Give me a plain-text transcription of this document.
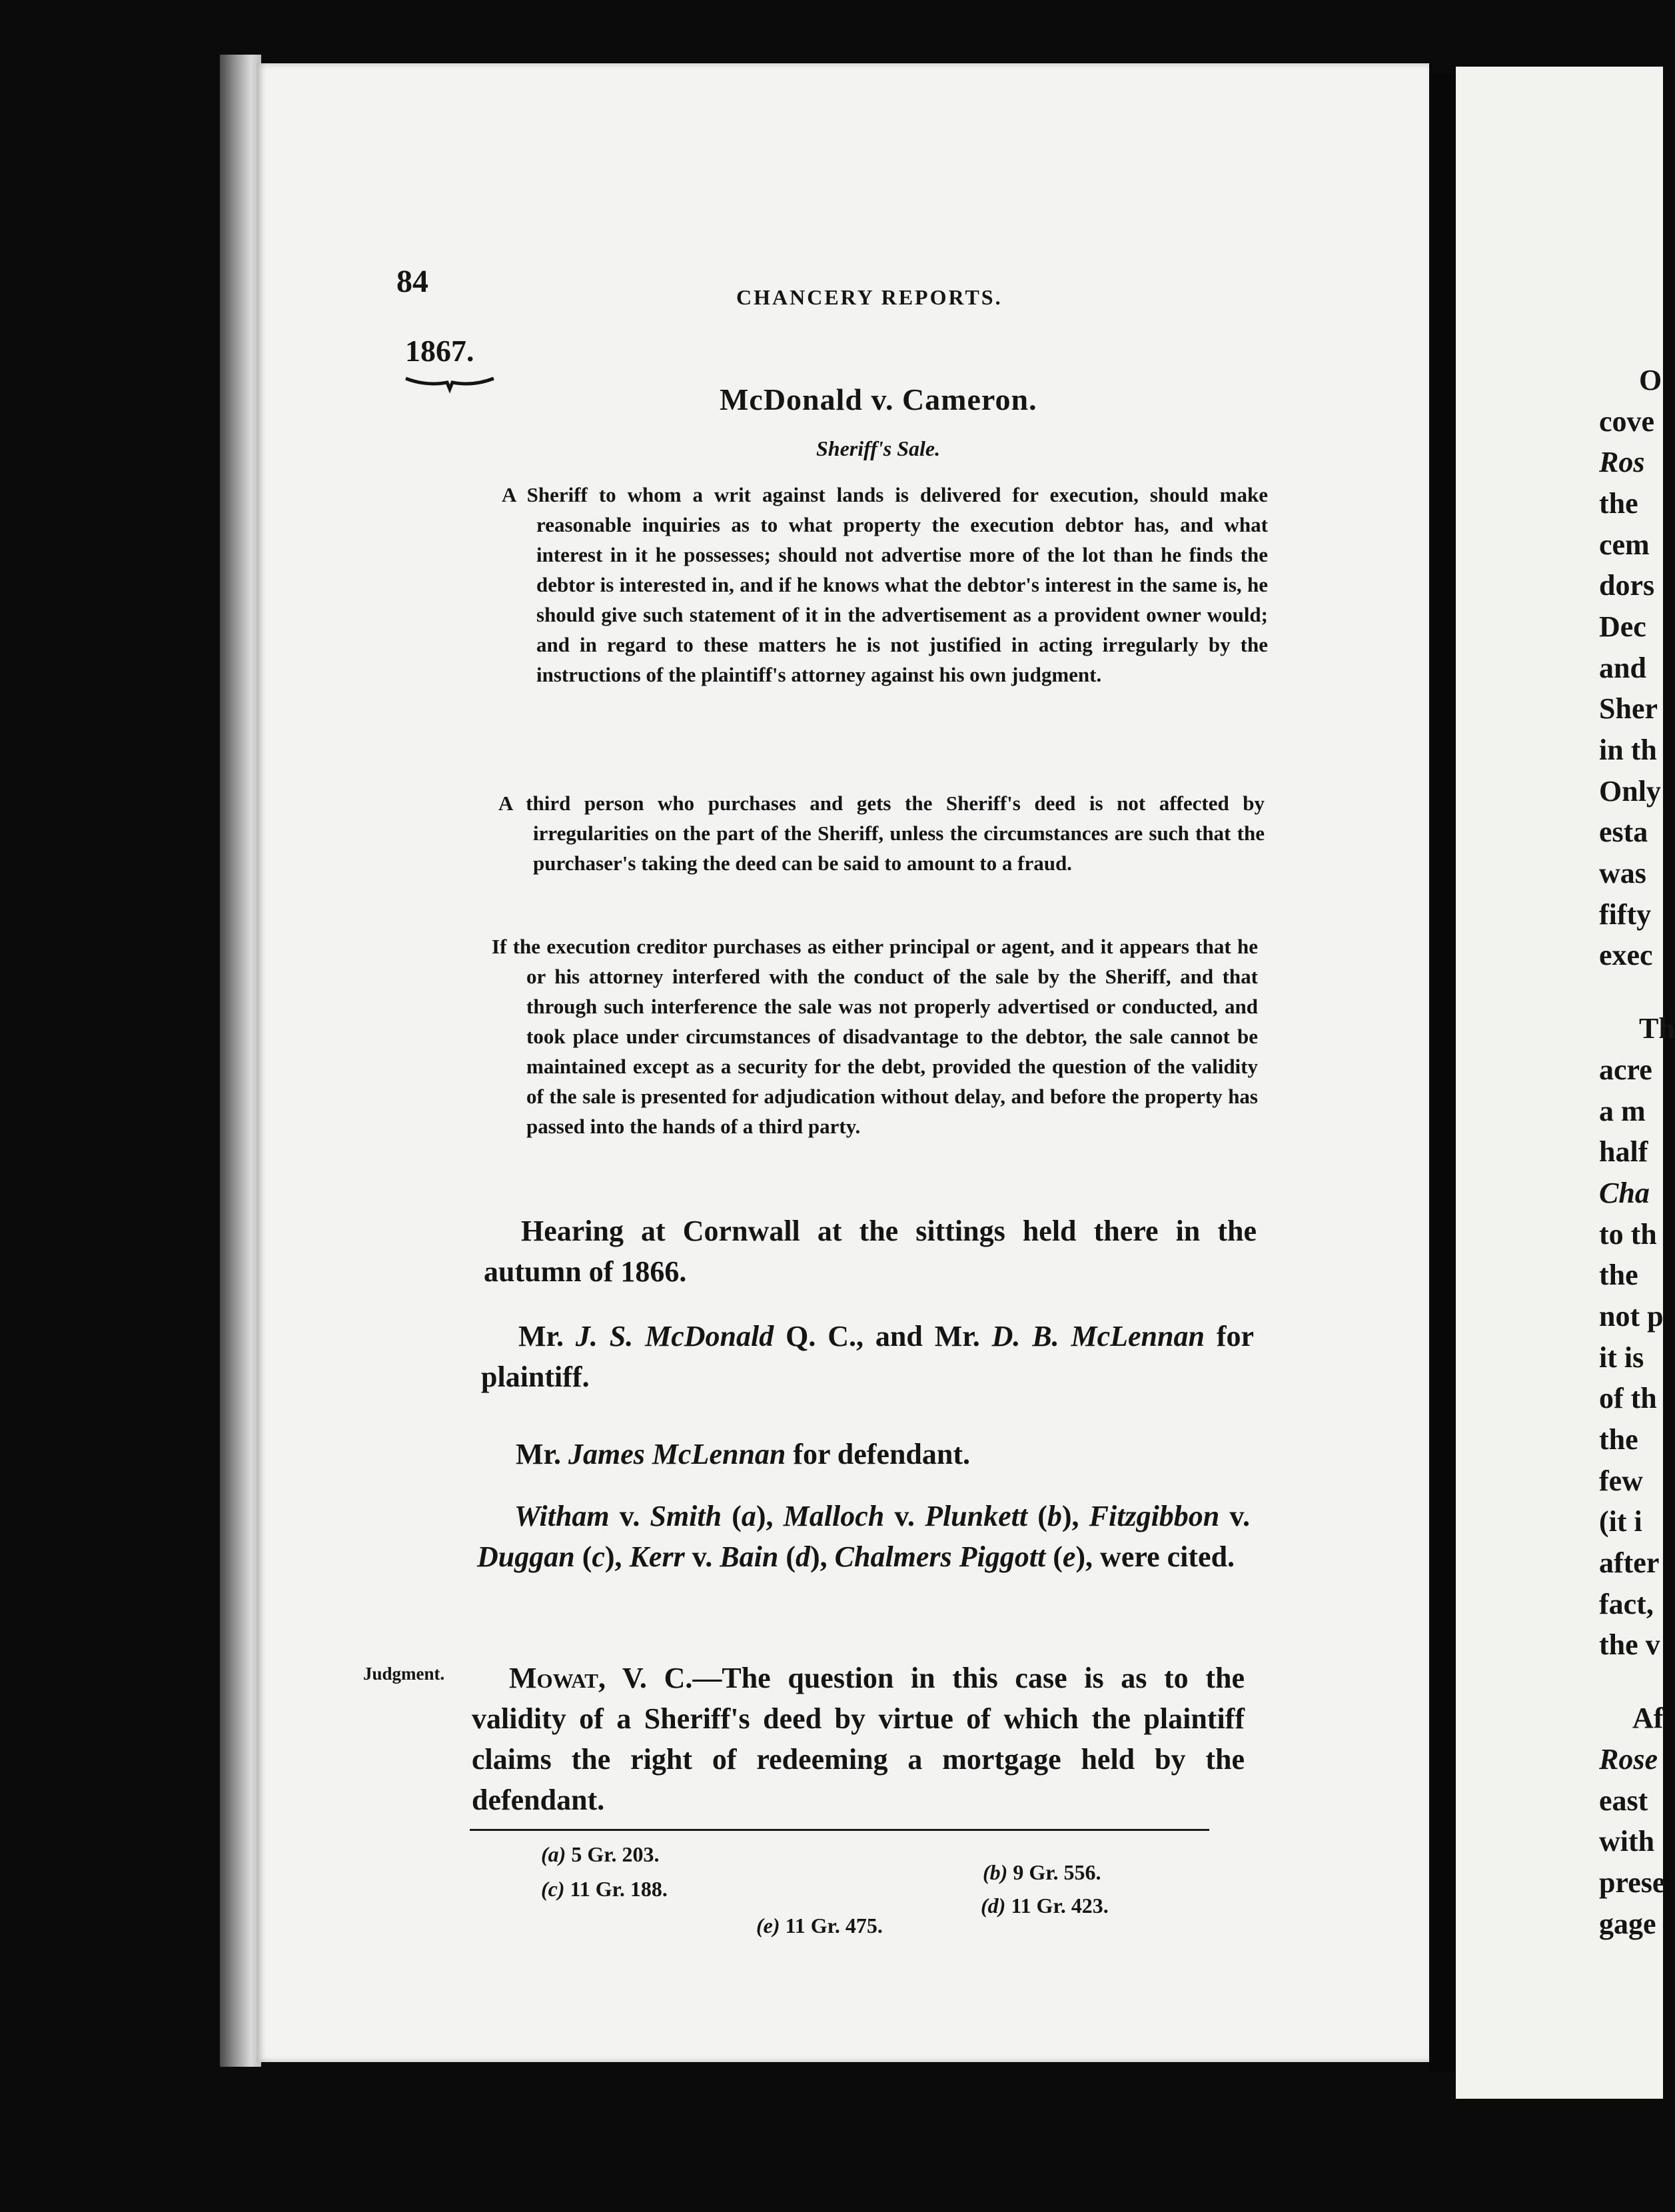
84	CHANCERY REPORTS.
1867.
McDonald v. Cameron.
Sheriff's Sale.

A Sheriff to whom a writ against lands is delivered for execution, should make reasonable inquiries as to what property the execution debtor has, and what interest in it he possesses; should not advertise more of the lot than he finds the debtor is interested in, and if he knows what the debtor's interest in the same is, he should give such statement of it in the advertisement as a provident owner would; and in regard to these matters he is not justified in acting irregularly by the instructions of the plaintiff's attorney against his own judgment.

A third person who purchases and gets the Sheriff's deed is not affected by irregularities on the part of the Sheriff, unless the circumstances are such that the purchaser's taking the deed can be said to amount to a fraud.

If the execution creditor purchases as either principal or agent, and it appears that he or his attorney interfered with the conduct of the sale by the Sheriff, and that through such interference the sale was not properly advertised or conducted, and took place under circumstances of disadvantage to the debtor, the sale cannot be maintained except as a security for the debt, provided the question of the validity of the sale is presented for adjudication without delay, and before the property has passed into the hands of a third party.

Hearing at Cornwall at the sittings held there in the autumn of 1866.

Mr. J. S. McDonald Q. C., and Mr. D. B. McLennan for plaintiff.

Mr. James McLennan for defendant.

Witham v. Smith (a), Malloch v. Plunkett (b), Fitzgibbon v. Duggan (c), Kerr v. Bain (d), Chalmers Piggott (e), were cited.

Judgment.	Mowat, V. C.—The question in this case is as to the validity of a Sheriff's deed by virtue of which the plaintiff claims the right of redeeming a mortgage held by the defendant.

(a) 5 Gr. 203.
(b) 9 Gr. 556.
(c) 11 Gr. 188.
(d) 11 Gr. 423.
(e) 11 Gr. 475.
O
cove
Ros
the
cem
dors
Dec
and
Sher
in th
Only
esta
was
fifty
exec
Th
acre
a m
half
Cha
to th
the
not p
it is
of th
the
few
(it i
after
fact,
the v
Af
Rose
east
with
prese
gage
